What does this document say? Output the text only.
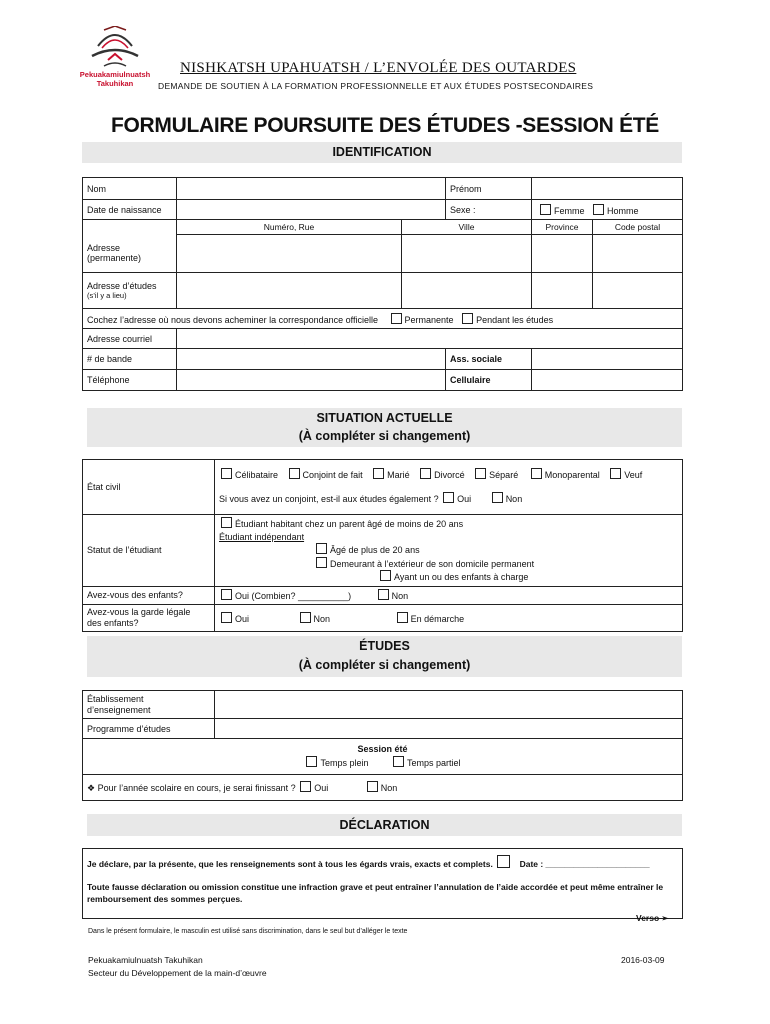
Pekuakamiulnuatsh
Takuhikan
NISHKATSH UPAHUATSH / L’ENVOLÉE DES OUTARDES
DEMANDE DE SOUTIEN À LA FORMATION PROFESSIONNELLE ET AUX ÉTUDES POSTSECONDAIRES
FORMULAIRE POURSUITE DES ÉTUDES -SESSION ÉTÉ
IDENTIFICATION
Nom			Prénom		
Date de naissance			Sexe :	Femme Homme	
	Numéro, Rue	Ville		Province	Code postal

Adresse
(permanente)					

Adresse d’études
(s’il y a lieu)					

Cochez l’adresse où nous devons acheminer la correspondance officielle Permanente Pendant les études					
Adresse courriel					
# de bande			Ass. sociale		
Téléphone			Cellulaire		
SITUATION ACTUELLE
(À compléter si changement)
État civil	Célibataire Conjoint de fait Marié Divorcé Séparé Monoparental Veuf
Si vous avez un conjoint, est-il aux études également ? Oui Non

Statut de l’étudiant	Étudiant habitant chez un parent âgé de moins de 20 ans
Étudiant indépendant
Âgé de plus de 20 ans
Demeurant à l’extérieur de son domicile permanent
Ayant un ou des enfants à charge

Avez-vous des enfants?	Oui (Combien? __________) Non

Avez-vous la garde légale
des enfants?	Oui Non En démarche
ÉTUDES
(À compléter si changement)
Établissement
d’enseignement	

Programme d’études	

Session été
Temps plein Temps partiel	

❖ Pour l’année scolaire en cours, je serai finissant ? Oui Non	
DÉCLARATION
Je déclare, par la présente, que les renseignements sont à tous les égards vrais, exacts et complets.	Date : ______________________
Toute fausse déclaration ou omission constitue une infraction grave et peut entraîner l’annulation de l’aide accordée et peut même entraîner le remboursement des sommes perçues.
Verso ➢
Dans le présent formulaire, le masculin est utilisé sans discrimination, dans le seul but d’alléger le texte
Pekuakamiulnuatsh Takuhikan
Secteur du Développement de la main-d’œuvre
2016-03-09
